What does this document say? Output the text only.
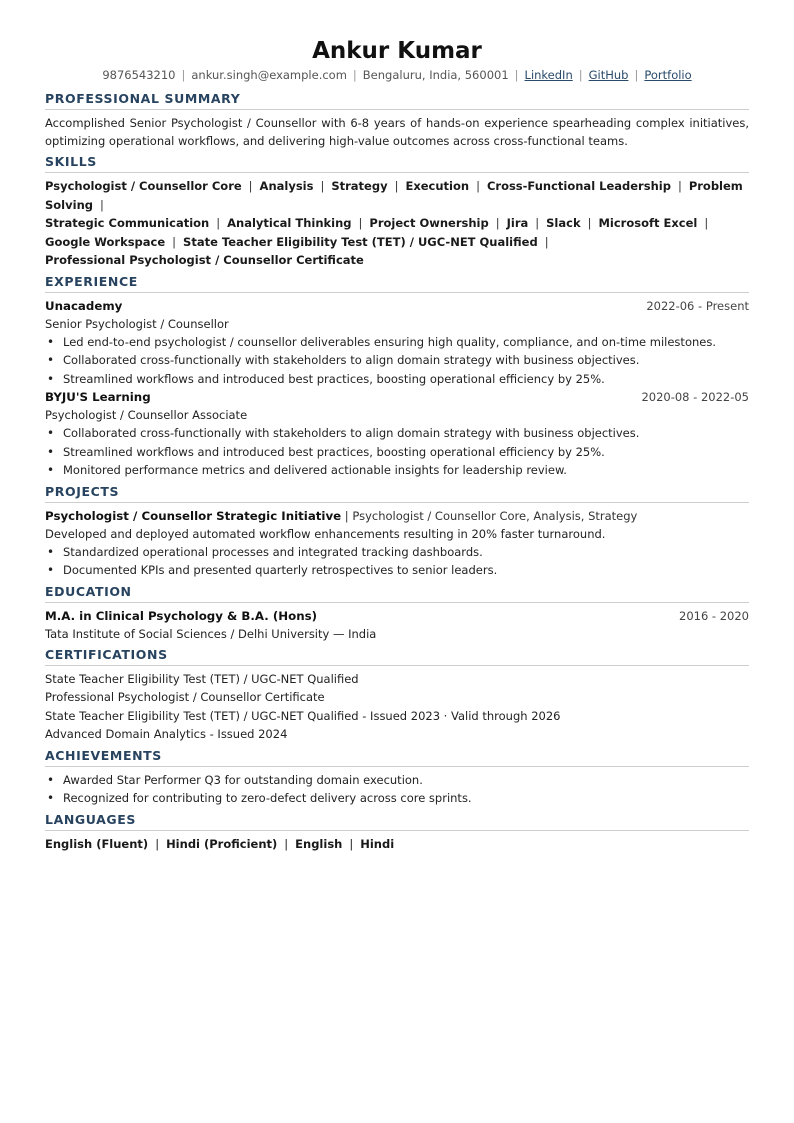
Ankur Kumar
9876543210 | ankur.singh@example.com | Bengaluru, India, 560001 | LinkedIn | GitHub | Portfolio
PROFESSIONAL SUMMARY

Accomplished Senior Psychologist / Counsellor with 6-8 years of hands-on experience spearheading complex initiatives, optimizing operational workflows, and delivering high-value outcomes across cross-functional teams.

SKILLS
Psychologist / Counsellor Core | Analysis | Strategy | Execution | Cross-Functional Leadership | Problem Solving |
Strategic Communication | Analytical Thinking | Project Ownership | Jira | Slack | Microsoft Excel |
Google Workspace | State Teacher Eligibility Test (TET) / UGC-NET Qualified |
Professional Psychologist / Counsellor Certificate
EXPERIENCE
Unacademy	2022-06 - Present
Senior Psychologist / Counsellor
• Led end-to-end psychologist / counsellor deliverables ensuring high quality, compliance, and on-time milestones.
• Collaborated cross-functionally with stakeholders to align domain strategy with business objectives.
• Streamlined workflows and introduced best practices, boosting operational efficiency by 25%.
BYJU'S Learning	2020-08 - 2022-05
Psychologist / Counsellor Associate
• Collaborated cross-functionally with stakeholders to align domain strategy with business objectives.
• Streamlined workflows and introduced best practices, boosting operational efficiency by 25%.
• Monitored performance metrics and delivered actionable insights for leadership review.
PROJECTS
Psychologist / Counsellor Strategic Initiative | Psychologist / Counsellor Core, Analysis, Strategy
Developed and deployed automated workflow enhancements resulting in 20% faster turnaround.
• Standardized operational processes and integrated tracking dashboards.
• Documented KPIs and presented quarterly retrospectives to senior leaders.
EDUCATION
M.A. in Clinical Psychology & B.A. (Hons)	2016 - 2020
Tata Institute of Social Sciences / Delhi University — India
CERTIFICATIONS
State Teacher Eligibility Test (TET) / UGC-NET Qualified
Professional Psychologist / Counsellor Certificate
State Teacher Eligibility Test (TET) / UGC-NET Qualified - Issued 2023 · Valid through 2026
Advanced Domain Analytics - Issued 2024
ACHIEVEMENTS
• Awarded Star Performer Q3 for outstanding domain execution.
• Recognized for contributing to zero-defect delivery across core sprints.
LANGUAGES
English (Fluent) | Hindi (Proficient) | English | Hindi
